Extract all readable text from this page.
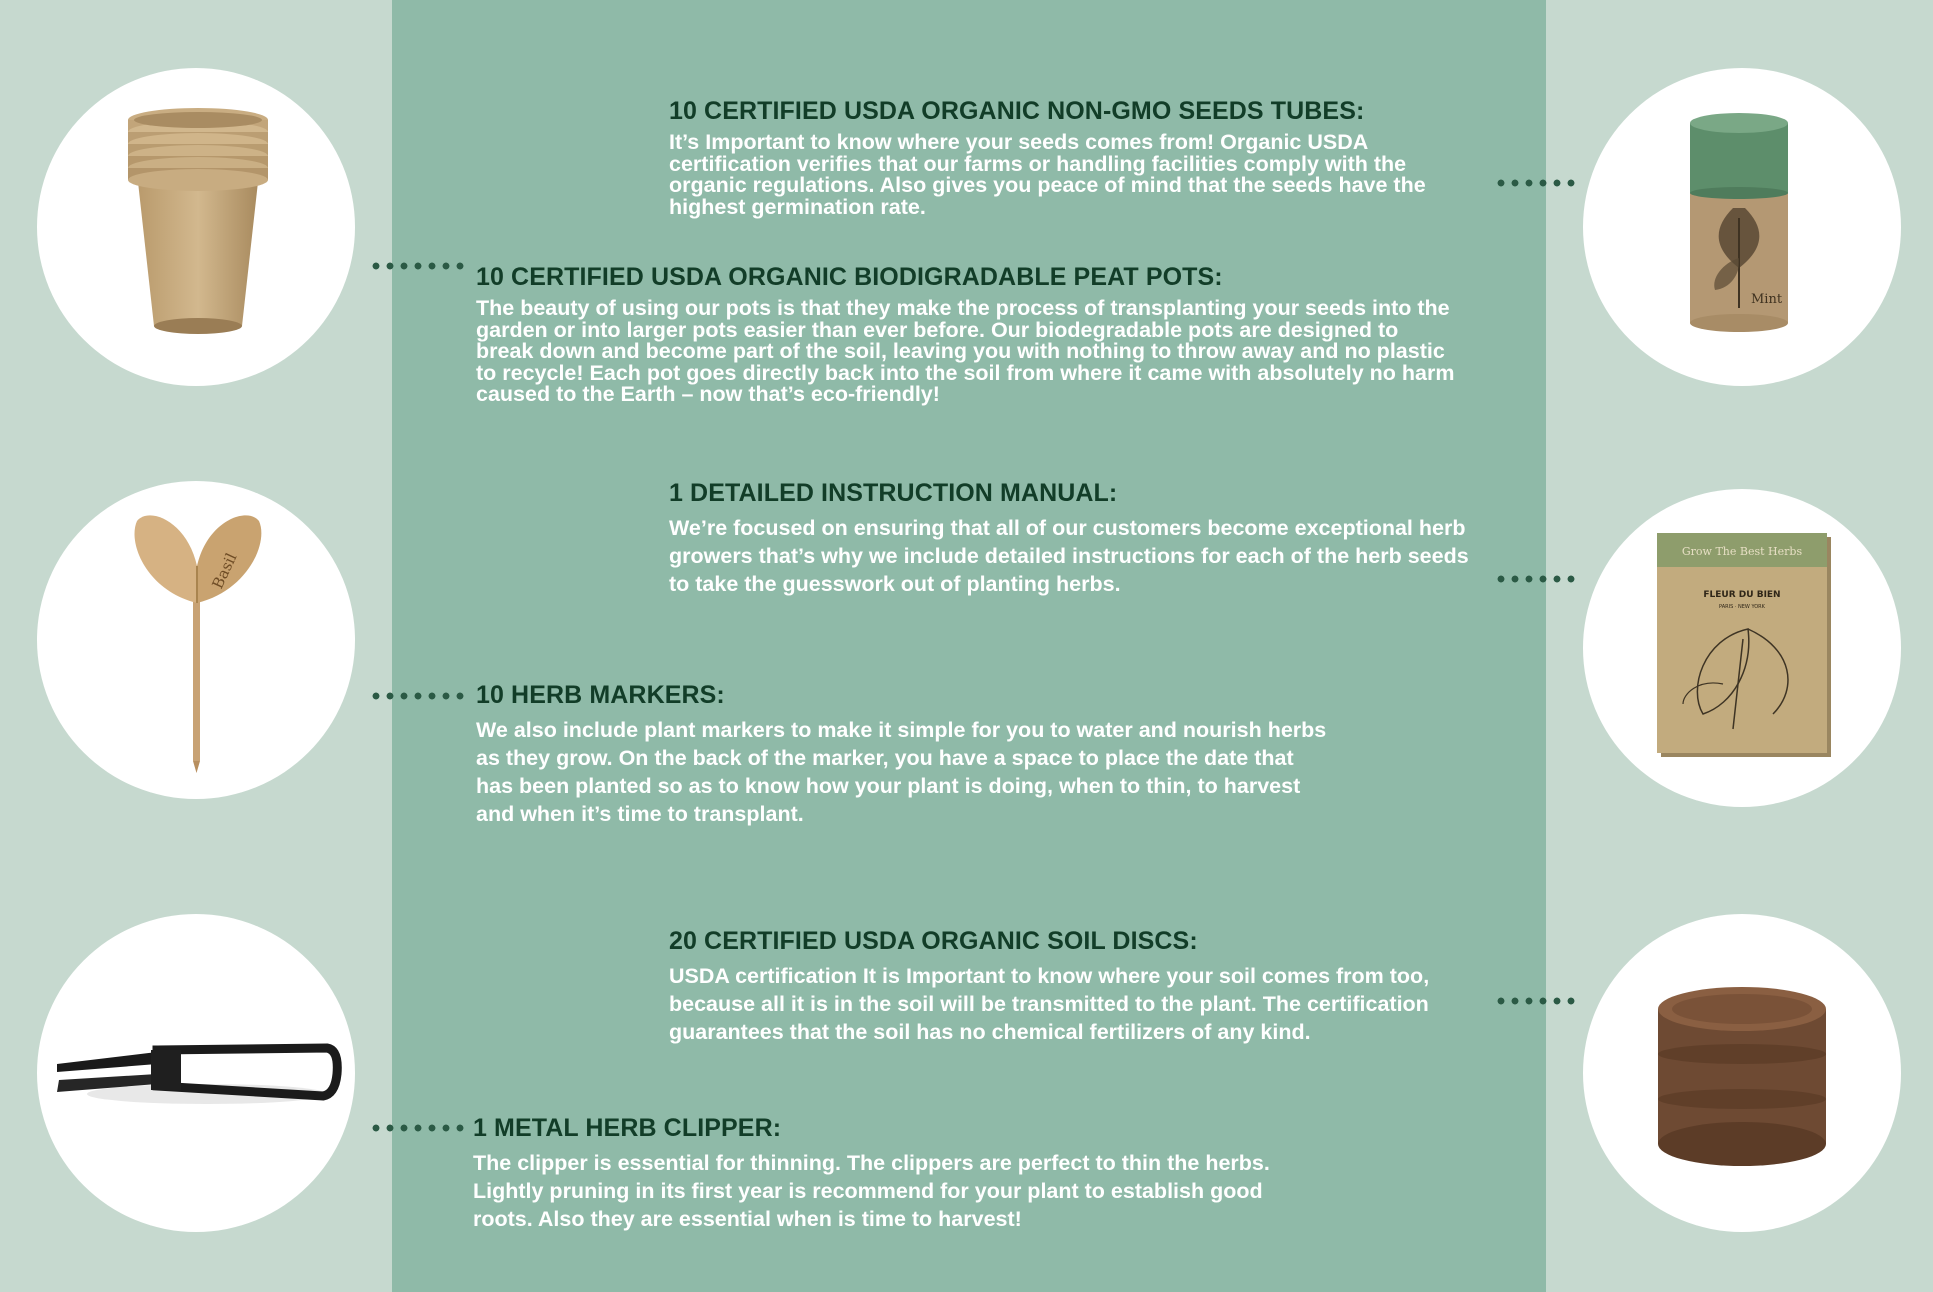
Basil
Mint
Grow The Best Herbs
FLEUR DU BIEN
PARIS · NEW YORK
10 CERTIFIED USDA ORGANIC NON-GMO SEEDS TUBES:

It’s Important to know where your seeds comes from! Organic USDA certification verifies that our farms or handling facilities comply with the organic regulations. Also gives you peace of mind that the seeds have the highest germination rate.

10 CERTIFIED USDA ORGANIC BIODIGRADABLE PEAT POTS:

The beauty of using our pots is that they make the process of transplanting your seeds into the garden or into larger pots easier than ever before. Our biodegradable pots are designed to break down and become part of the soil, leaving you with nothing to throw away and no plastic to recycle! Each pot goes directly back into the soil from where it came with absolutely no harm caused to the Earth – now that’s eco-friendly!

1 DETAILED INSTRUCTION MANUAL:

We’re focused on ensuring that all of our customers become exceptional herb growers that’s why we include detailed instructions for each of the herb seeds to take the guesswork out of planting herbs.

10 HERB MARKERS:

We also include plant markers to make it simple for you to water and nourish herbs as they grow. On the back of the marker, you have a space to place the date that has been planted so as to know how your plant is doing, when to thin, to harvest and when it’s time to transplant.

20 CERTIFIED USDA ORGANIC SOIL DISCS:

USDA certification It is Important to know where your soil comes from too, because all it is in the soil will be transmitted to the plant. The certification guarantees that the soil has no chemical fertilizers of any kind.

1 METAL HERB CLIPPER:

The clipper is essential for thinning. The clippers are perfect to thin the herbs. Lightly pruning in its first year is recommend for your plant to establish good roots. Also they are essential when is time to harvest!
